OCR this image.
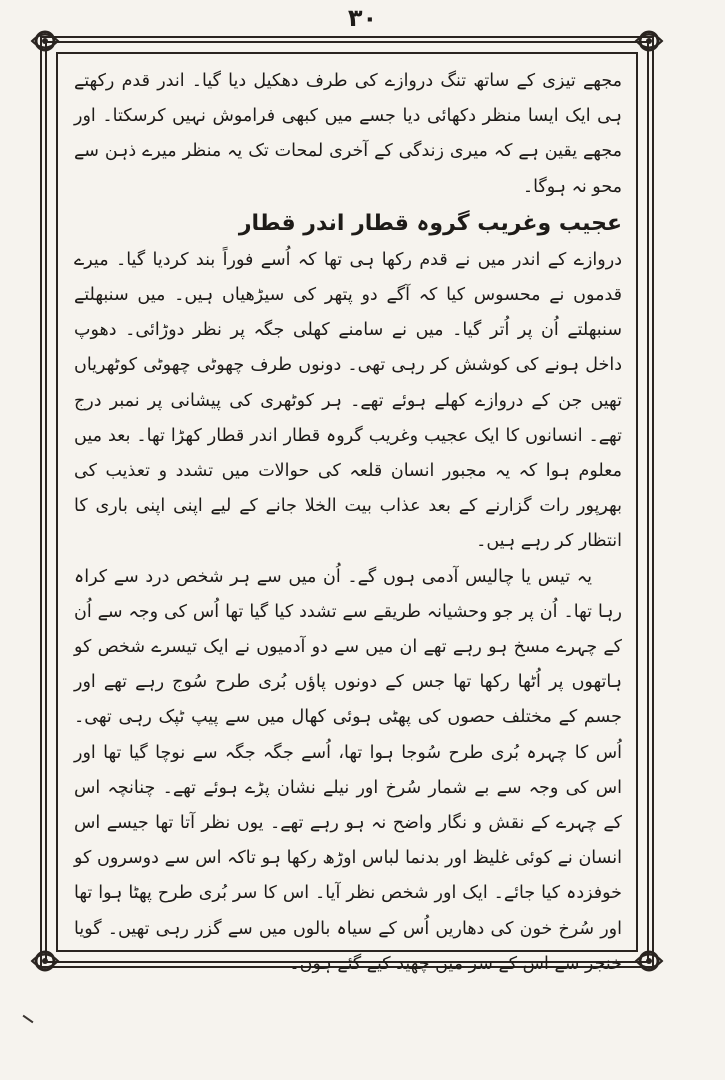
۳۰

مجھے تیزی کے ساتھ تنگ دروازے کی طرف دھکیل دیا گیا۔ اندر قدم رکھتے ہی ایک ایسا منظر دکھائی دیا جسے میں کبھی فراموش نہیں کرسکتا۔ اور مجھے یقین ہے کہ میری زندگی کے آخری لمحات تک یہ منظر میرے ذہن سے محو نہ ہوگا۔

عجیب وغریب گروہ قطار اندر قطار

دروازے کے اندر میں نے قدم رکھا ہی تھا کہ اُسے فوراً بند کردیا گیا۔ میرے قدموں نے محسوس کیا کہ آگے دو پتھر کی سیڑھیاں ہیں۔ میں سنبھلتے سنبھلتے اُن پر اُتر گیا۔ میں نے سامنے کھلی جگہ پر نظر دوڑائی۔ دھوپ داخل ہونے کی کوشش کر رہی تھی۔ دونوں طرف چھوٹی چھوٹی کوٹھریاں تھیں جن کے دروازے کھلے ہوئے تھے۔ ہر کوٹھری کی پیشانی پر نمبر درج تھے۔ انسانوں کا ایک عجیب وغریب گروہ قطار اندر قطار کھڑا تھا۔ بعد میں معلوم ہوا کہ یہ مجبور انسان قلعہ کی حوالات میں تشدد و تعذیب کی بھرپور رات گزارنے کے بعد عذاب بیت الخلا جانے کے لیے اپنی اپنی باری کا انتظار کر رہے ہیں۔

یہ تیس یا چالیس آدمی ہوں گے۔ اُن میں سے ہر شخص درد سے کراہ رہا تھا۔ اُن پر جو وحشیانہ طریقے سے تشدد کیا گیا تھا اُس کی وجہ سے اُن کے چہرے مسخ ہو رہے تھے ان میں سے دو آدمیوں نے ایک تیسرے شخص کو ہاتھوں پر اُٹھا رکھا تھا جس کے دونوں پاؤں بُری طرح سُوج رہے تھے اور جسم کے مختلف حصوں کی پھٹی ہوئی کھال میں سے پیپ ٹپک رہی تھی۔ اُس کا چہرہ بُری طرح سُوجا ہوا تھا، اُسے جگہ جگہ سے نوچا گیا تھا اور اس کی وجہ سے بے شمار سُرخ اور نیلے نشان پڑے ہوئے تھے۔ چنانچہ اس کے چہرے کے نقش و نگار واضح نہ ہو رہے تھے۔ یوں نظر آتا تھا جیسے اس انسان نے کوئی غلیظ اور بدنما لباس اوڑھ رکھا ہو تاکہ اس سے دوسروں کو خوفزدہ کیا جائے۔ ایک اور شخص نظر آیا۔ اس کا سر بُری طرح پھٹا ہوا تھا اور سُرخ خون کی دھاریں اُس کے سیاہ بالوں میں سے گزر رہی تھیں۔ گویا خنجر سے اس کے سر میں چھید کیے گئے ہوں۔
